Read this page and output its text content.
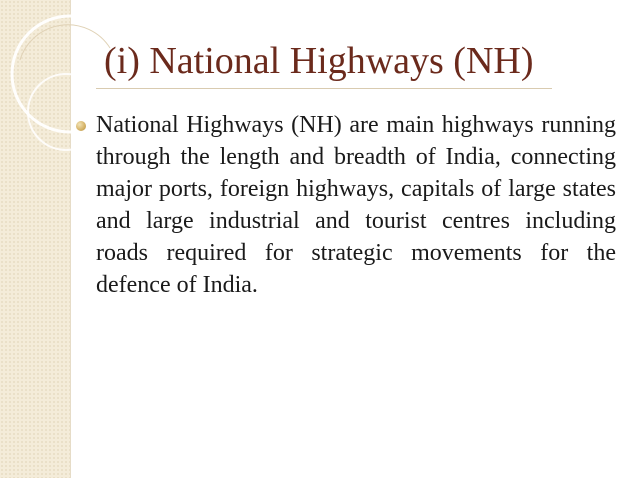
(i) National Highways (NH)

National Highways (NH) are main highways running through the length and breadth of India, connecting major ports, foreign highways, capitals of large states and large industrial and tourist centres including roads required for strategic movements for the defence of India.
